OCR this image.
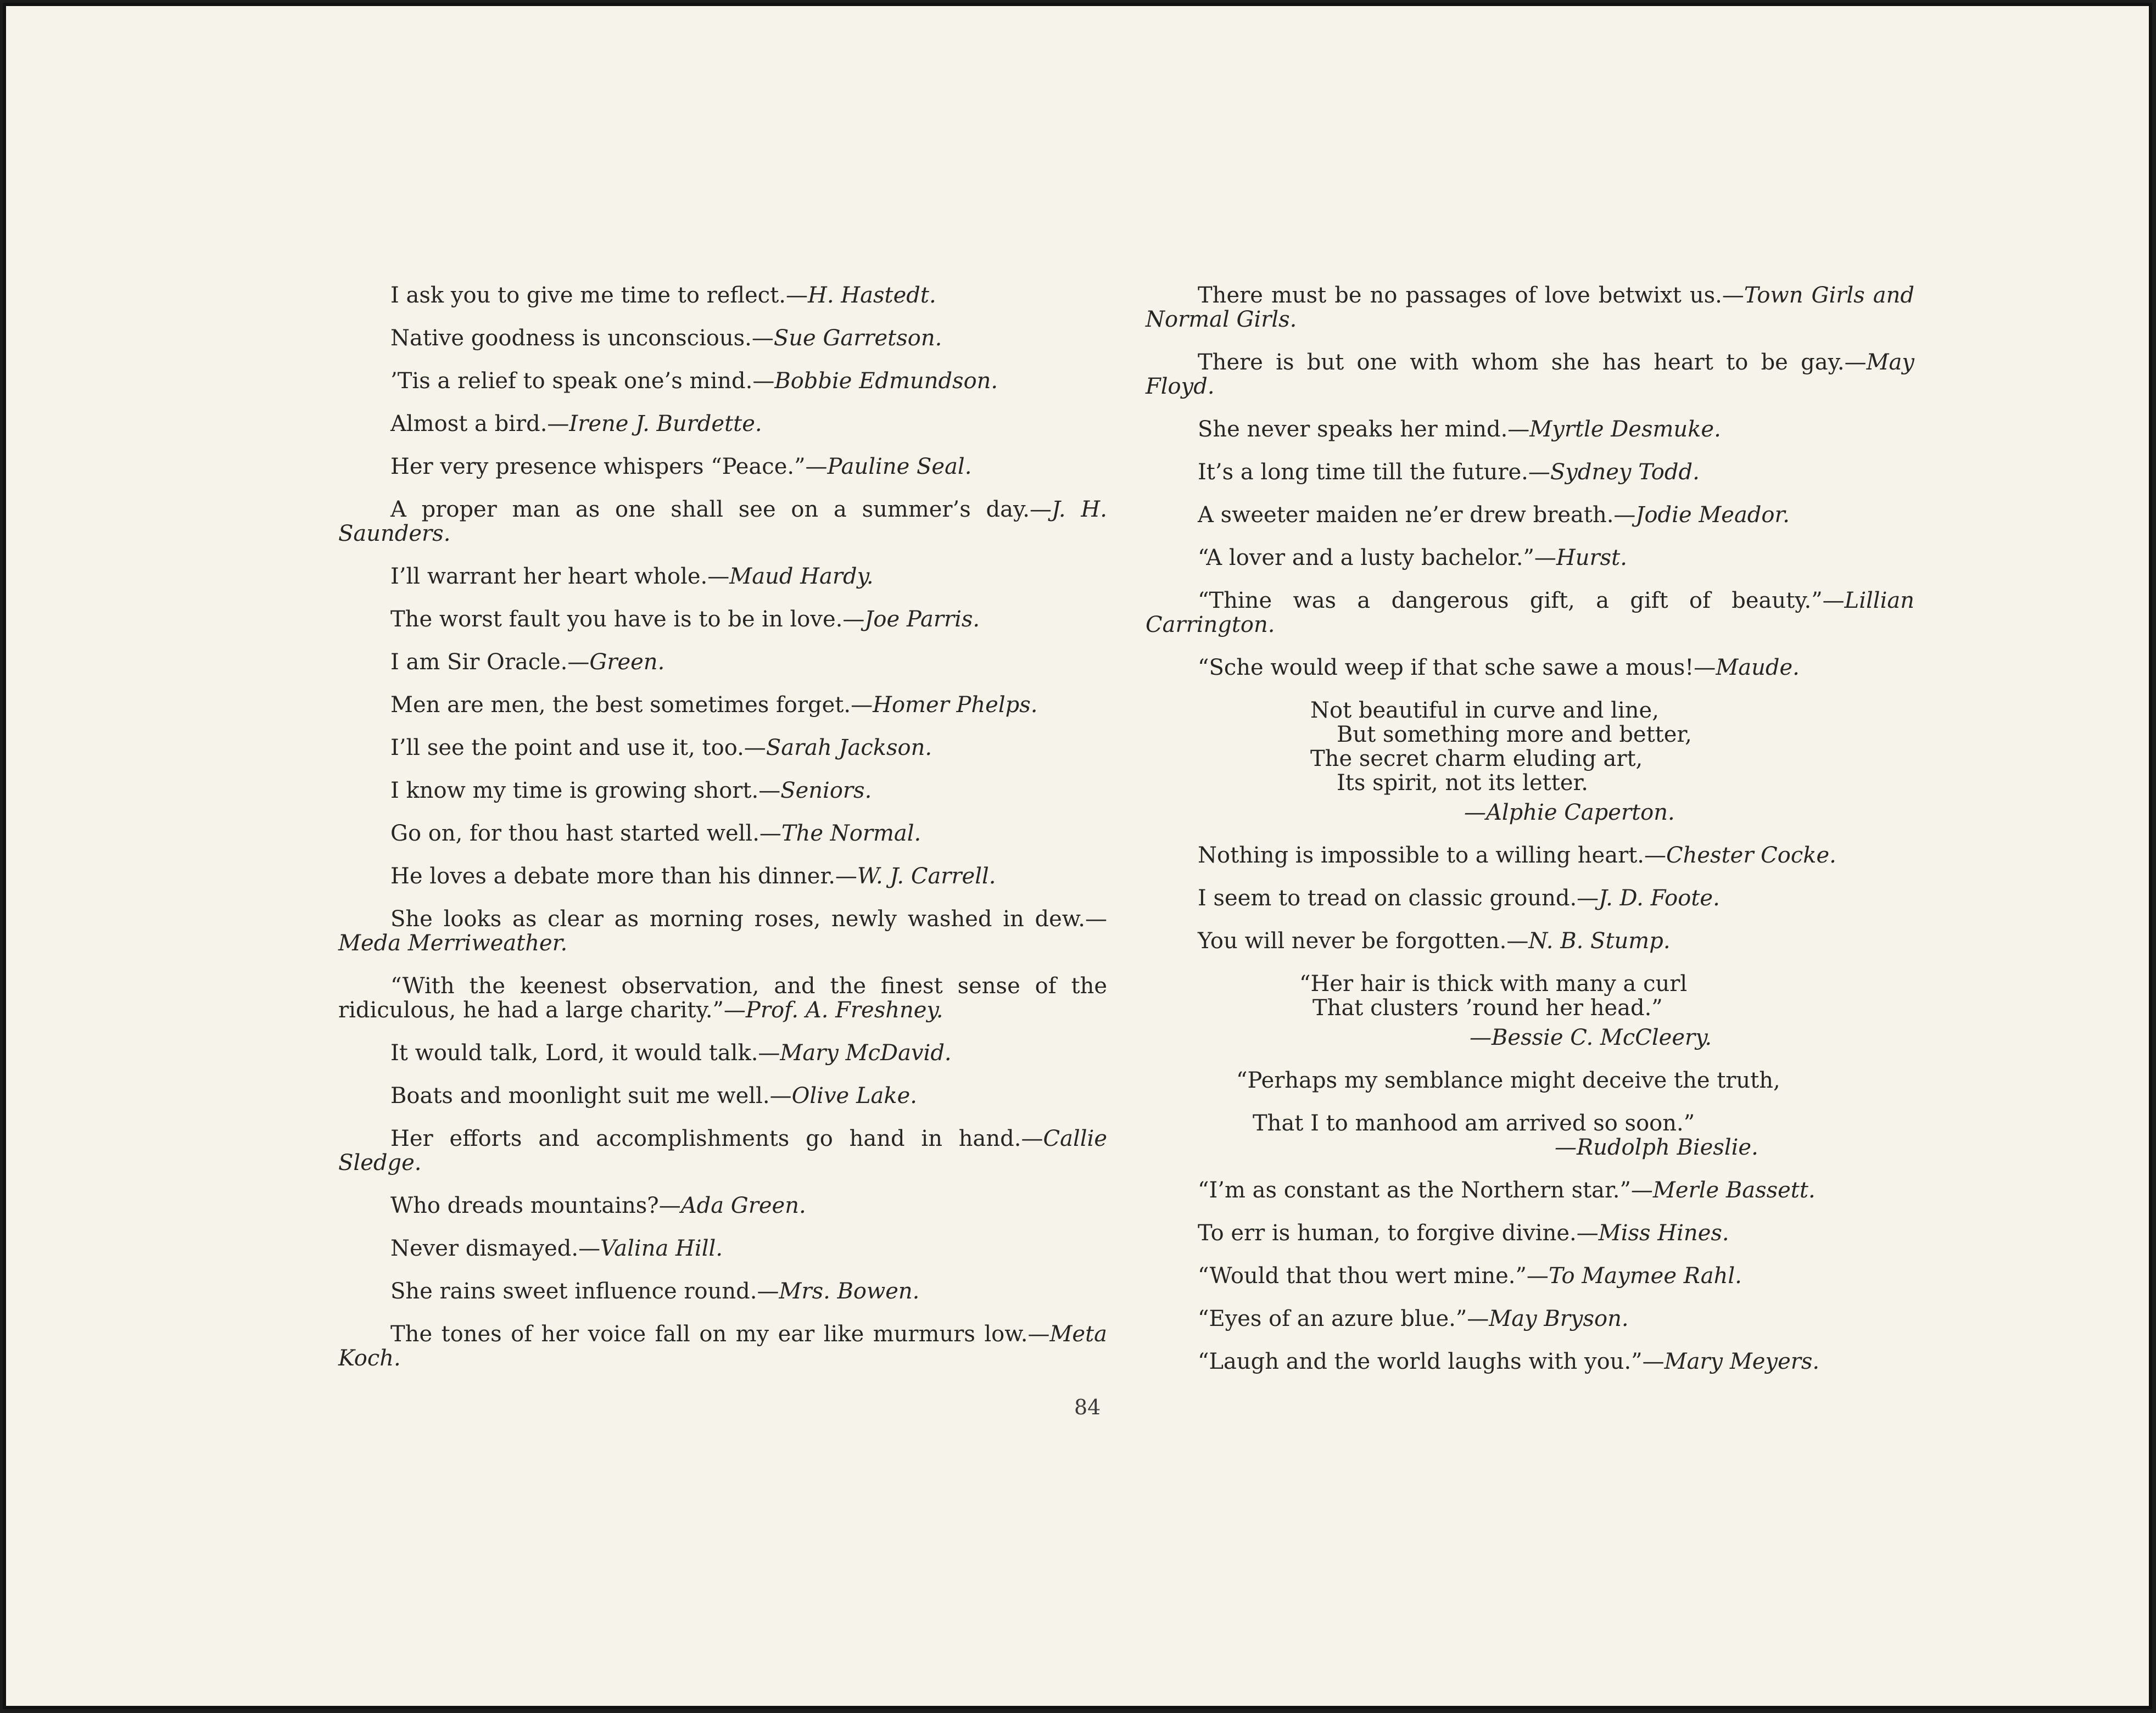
I ask you to give me time to reflect.—H. Hastedt.

Native goodness is unconscious.—Sue Garretson.

’Tis a relief to speak one’s mind.—Bobbie Edmundson.

Almost a bird.—Irene J. Burdette.

Her very presence whispers “Peace.”—Pauline Seal.

A proper man as one shall see on a summer’s day.—J. H. Saunders.

I’ll warrant her heart whole.—Maud Hardy.

The worst fault you have is to be in love.—Joe Parris.

I am Sir Oracle.—Green.

Men are men, the best sometimes forget.—Homer Phelps.

I’ll see the point and use it, too.—Sarah Jackson.

I know my time is growing short.—Seniors.

Go on, for thou hast started well.—The Normal.

He loves a debate more than his dinner.—W. J. Carrell.

She looks as clear as morning roses, newly washed in dew.—Meda Merriweather.

“With the keenest observation, and the finest sense of the ridiculous, he had a large charity.”—Prof. A. Freshney.

It would talk, Lord, it would talk.—Mary McDavid.

Boats and moonlight suit me well.—Olive Lake.

Her efforts and accomplishments go hand in hand.—Callie Sledge.

Who dreads mountains?—Ada Green.

Never dismayed.—Valina Hill.

She rains sweet influence round.—Mrs. Bowen.

The tones of her voice fall on my ear like murmurs low.—Meta Koch.

There must be no passages of love betwixt us.—Town Girls and Normal Girls.

There is but one with whom she has heart to be gay.—May Floyd.

She never speaks her mind.—Myrtle Desmuke.

It’s a long time till the future.—Sydney Todd.

A sweeter maiden ne’er drew breath.—Jodie Meador.

“A lover and a lusty bachelor.”—Hurst.

“Thine was a dangerous gift, a gift of beauty.”—Lillian Carrington.

“Sche would weep if that sche sawe a mous!—Maude.

Not beautiful in curve and line,
But something more and better,
The secret charm eluding art,
Its spirit, not its letter.
—Alphie Caperton.

Nothing is impossible to a willing heart.—Chester Cocke.

I seem to tread on classic ground.—J. D. Foote.

You will never be forgotten.—N. B. Stump.

“Her hair is thick with many a curl
That clusters ’round her head.”
—Bessie C. McCleery.
“Perhaps my semblance might deceive the truth,
That I to manhood am arrived so soon.”
—Rudolph Bieslie.

“I’m as constant as the Northern star.”—Merle Bassett.

To err is human, to forgive divine.—Miss Hines.

“Would that thou wert mine.”—To Maymee Rahl.

“Eyes of an azure blue.”—May Bryson.

“Laugh and the world laughs with you.”—Mary Meyers.

84
